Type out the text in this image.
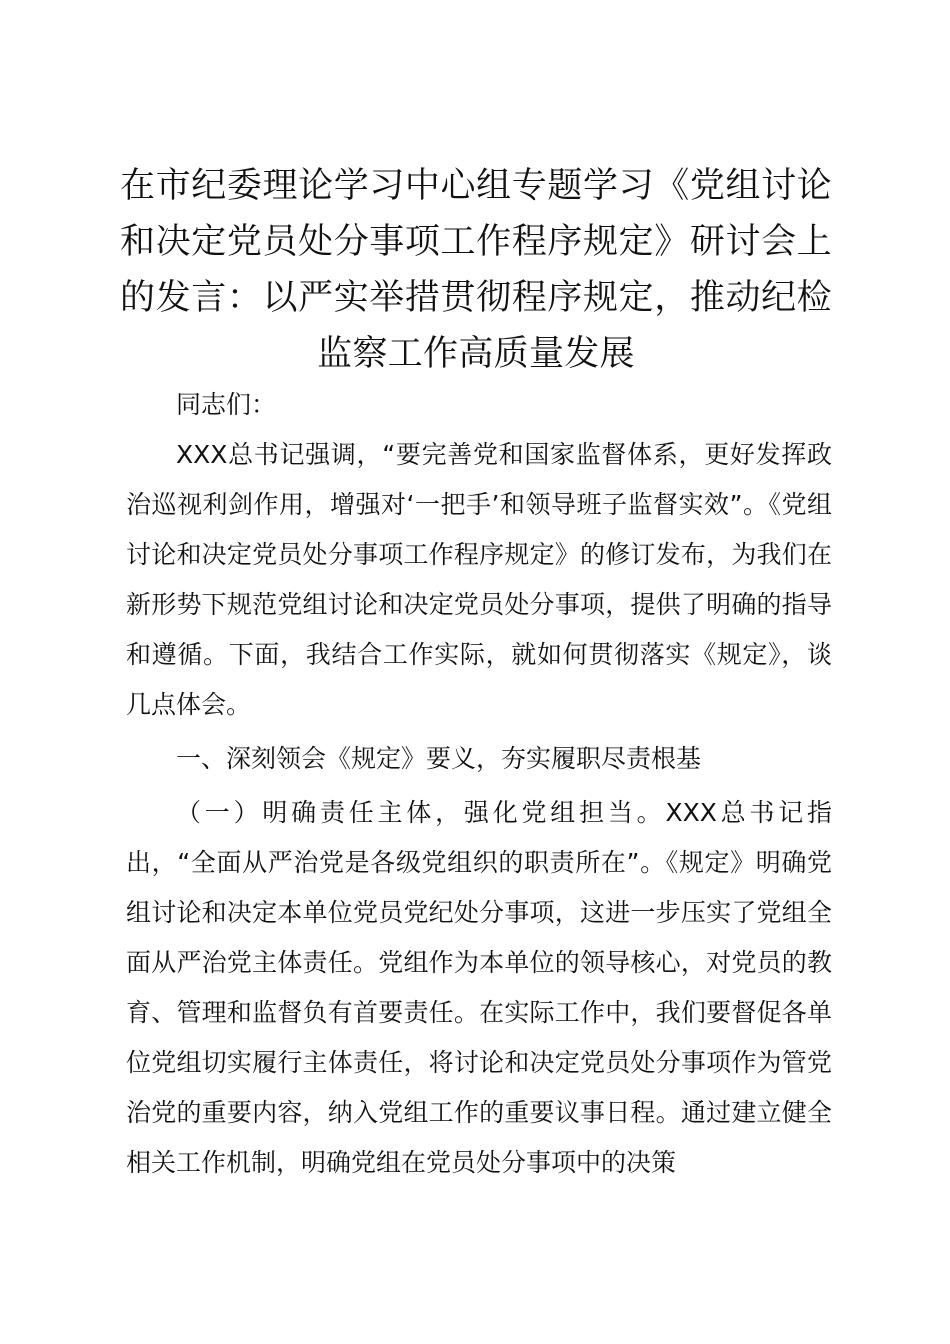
在市纪委理论学习中心组专题学习《党组讨论和决定党员处分事项工作程序规定》研讨会上的发言：以严实举措贯彻程序规定，推动纪检监察工作高质量发展

同志们：

XXX总书记强调，“要完善党和国家监督体系，更好发挥政治巡视利剑作用，增强对‘一把手’和领导班子监督实效”。《党组讨论和决定党员处分事项工作程序规定》的修订发布，为我们在新形势下规范党组讨论和决定党员处分事项，提供了明确的指导和遵循。下面，我结合工作实际，就如何贯彻落实《规定》，谈几点体会。

一、深刻领会《规定》要义，夯实履职尽责根基

（一）明确责任主体，强化党组担当。XXX总书记指出，“全面从严治党是各级党组织的职责所在”。《规定》明确党组讨论和决定本单位党员党纪处分事项，这进一步压实了党组全面从严治党主体责任。党组作为本单位的领导核心，对党员的教育、管理和监督负有首要责任。在实际工作中，我们要督促各单位党组切实履行主体责任，将讨论和决定党员处分事项作为管党治党的重要内容，纳入党组工作的重要议事日程。通过建立健全相关工作机制，明确党组在党员处分事项中的决策
